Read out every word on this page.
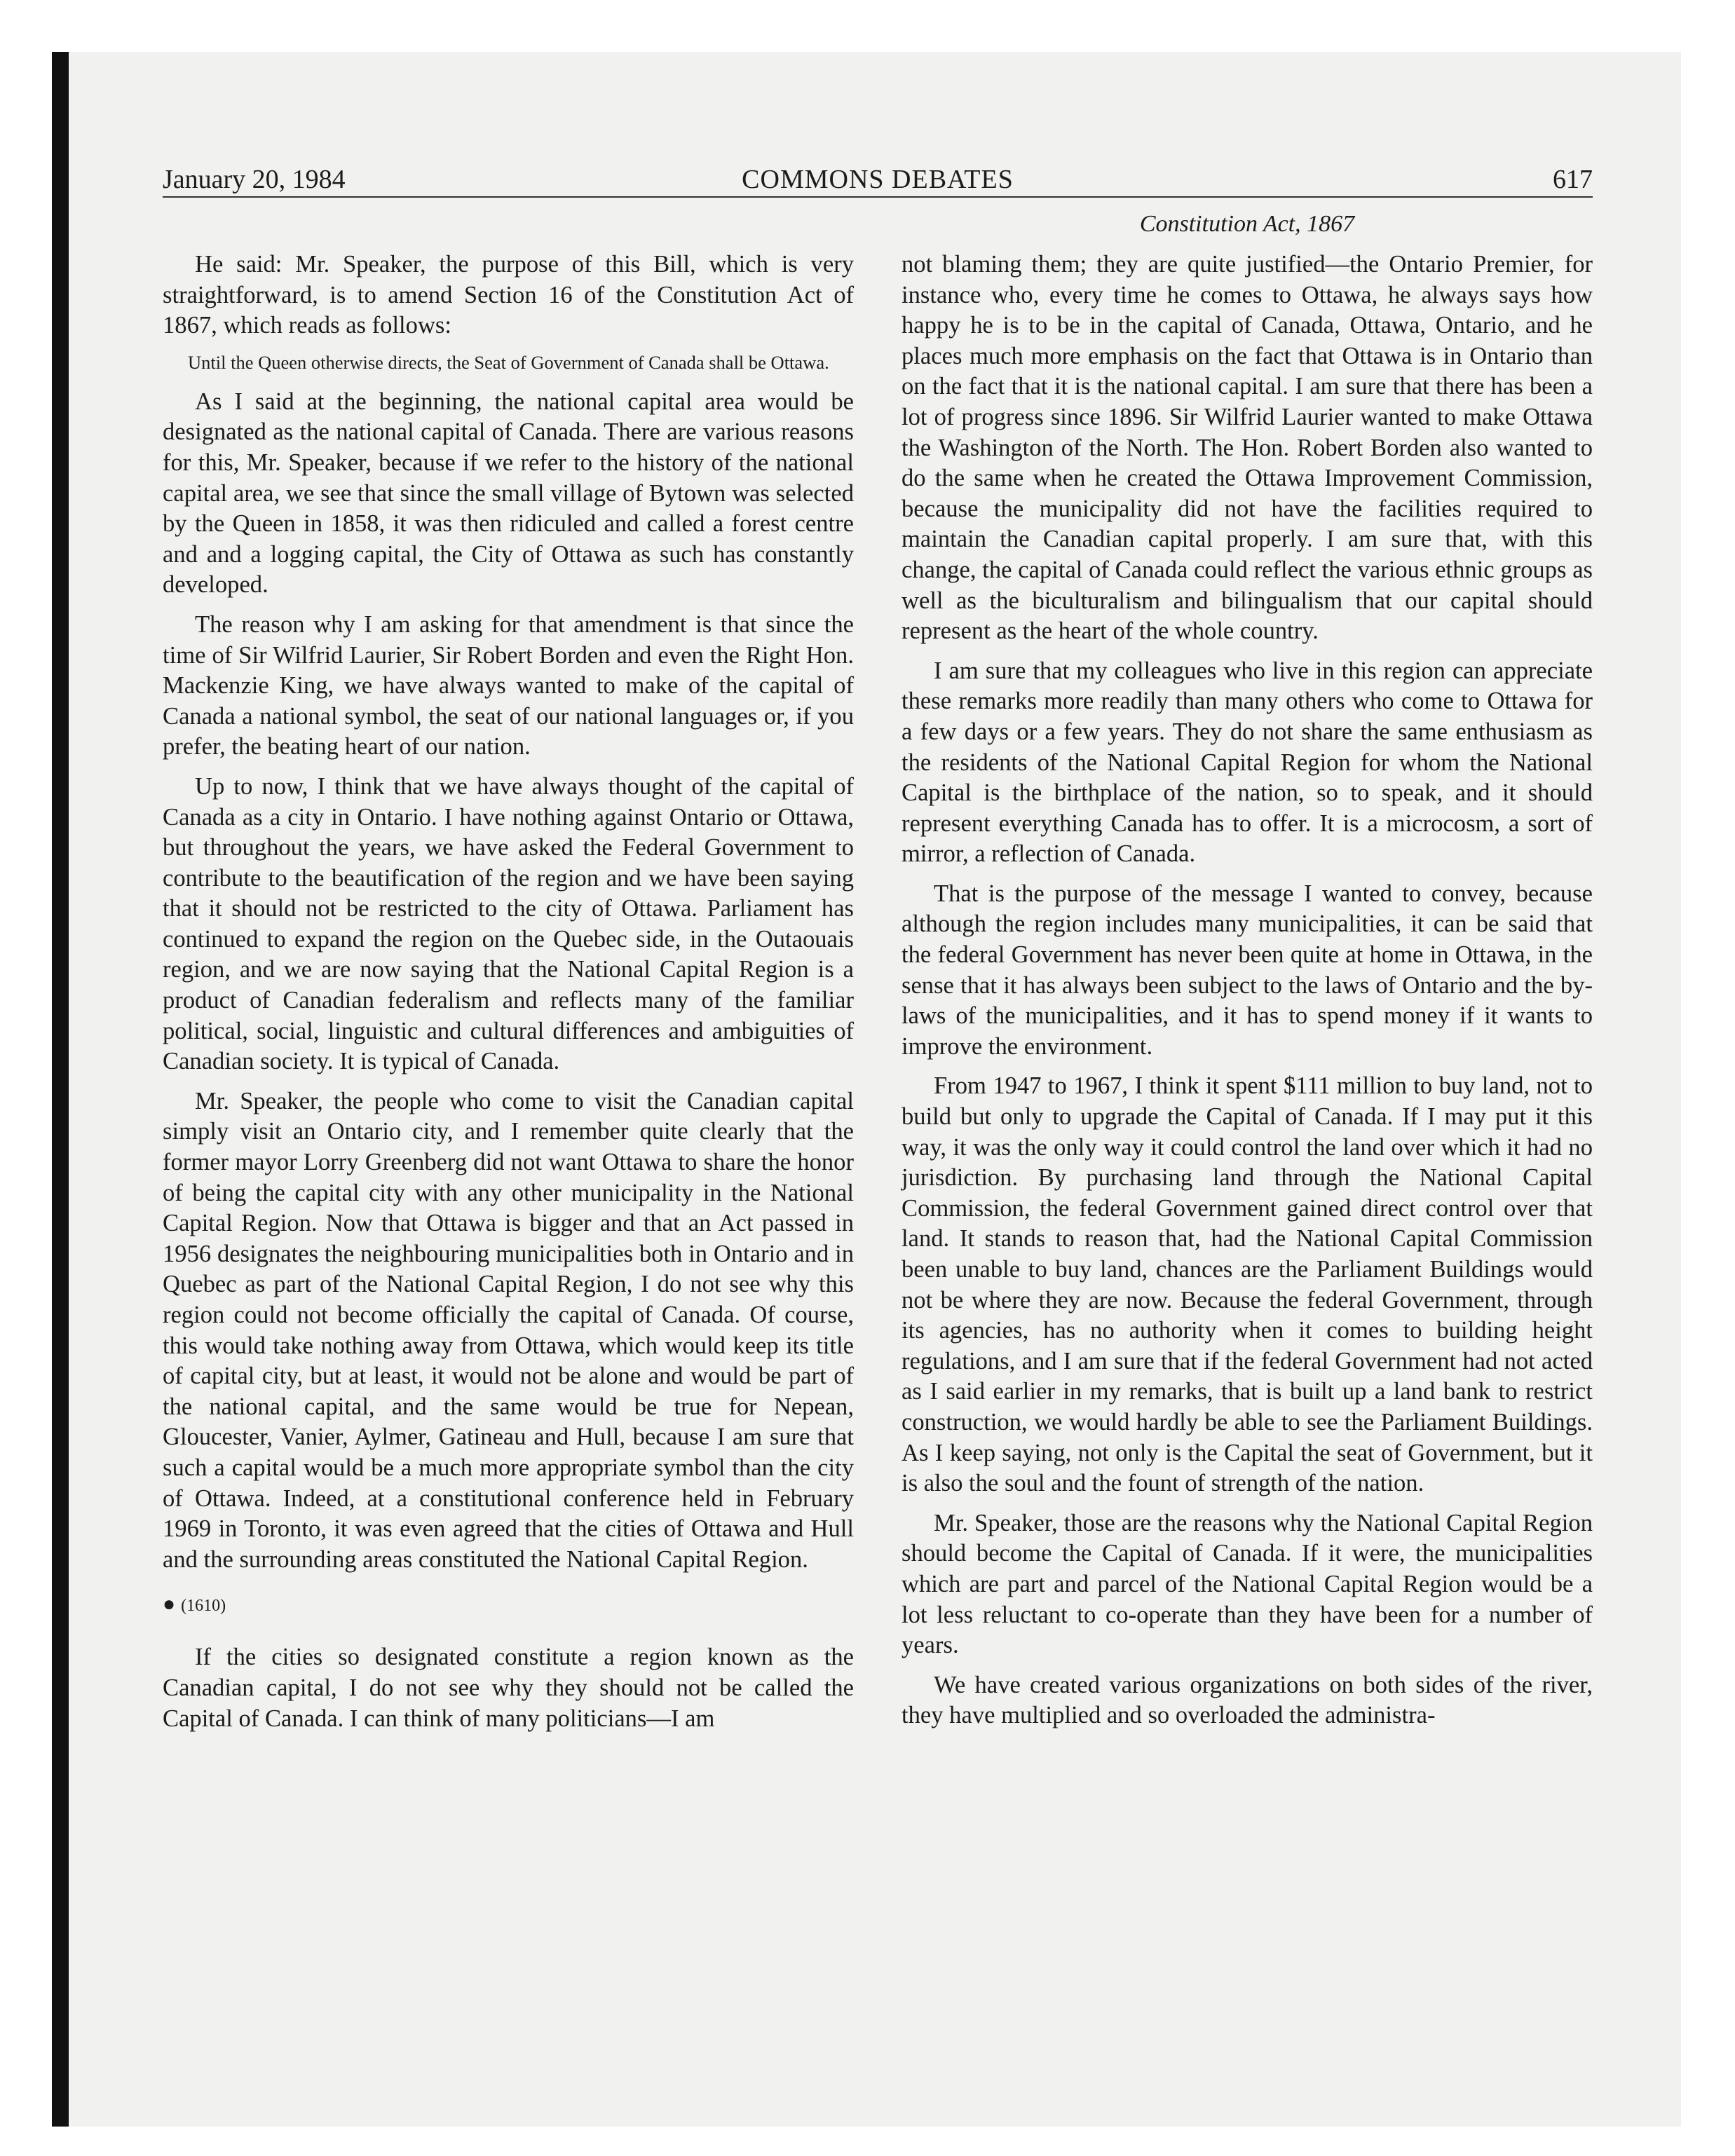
January 20, 1984	COMMONS DEBATES	617
Constitution Act, 1867

He said: Mr. Speaker, the purpose of this Bill, which is very straightforward, is to amend Section 16 of the Constitution Act of 1867, which reads as follows:

Until the Queen otherwise directs, the Seat of Government of Canada shall be Ottawa.

As I said at the beginning, the national capital area would be designated as the national capital of Canada. There are various reasons for this, Mr. Speaker, because if we refer to the history of the national capital area, we see that since the small village of Bytown was selected by the Queen in 1858, it was then ridiculed and called a forest centre and and a logging capital, the City of Ottawa as such has constantly developed.

The reason why I am asking for that amendment is that since the time of Sir Wilfrid Laurier, Sir Robert Borden and even the Right Hon. Mackenzie King, we have always wanted to make of the capital of Canada a national symbol, the seat of our national languages or, if you prefer, the beating heart of our nation.

Up to now, I think that we have always thought of the capital of Canada as a city in Ontario. I have nothing against Ontario or Ottawa, but throughout the years, we have asked the Federal Government to contribute to the beautification of the region and we have been saying that it should not be restricted to the city of Ottawa. Parliament has continued to expand the region on the Quebec side, in the Outaouais region, and we are now saying that the National Capital Region is a product of Canadian federalism and reflects many of the familiar political, social, linguistic and cultural differences and ambiguities of Canadian society. It is typical of Canada.

Mr. Speaker, the people who come to visit the Canadian capital simply visit an Ontario city, and I remember quite clearly that the former mayor Lorry Greenberg did not want Ottawa to share the honor of being the capital city with any other municipality in the National Capital Region. Now that Ottawa is bigger and that an Act passed in 1956 designates the neighbouring municipalities both in Ontario and in Quebec as part of the National Capital Region, I do not see why this region could not become officially the capital of Canada. Of course, this would take nothing away from Ottawa, which would keep its title of capital city, but at least, it would not be alone and would be part of the national capital, and the same would be true for Nepean, Gloucester, Vanier, Aylmer, Gatineau and Hull, because I am sure that such a capital would be a much more appropriate symbol than the city of Ottawa. Indeed, at a constitutional conference held in February 1969 in Toronto, it was even agreed that the cities of Ottawa and Hull and the surrounding areas constituted the National Capital Region.

● (1610)

If the cities so designated constitute a region known as the Canadian capital, I do not see why they should not be called the Capital of Canada. I can think of many politicians—I am

not blaming them; they are quite justified—the Ontario Premier, for instance who, every time he comes to Ottawa, he always says how happy he is to be in the capital of Canada, Ottawa, Ontario, and he places much more emphasis on the fact that Ottawa is in Ontario than on the fact that it is the national capital. I am sure that there has been a lot of progress since 1896. Sir Wilfrid Laurier wanted to make Ottawa the Washington of the North. The Hon. Robert Borden also wanted to do the same when he created the Ottawa Improvement Commission, because the municipality did not have the facilities required to maintain the Canadian capital properly. I am sure that, with this change, the capital of Canada could reflect the various ethnic groups as well as the biculturalism and bilingualism that our capital should represent as the heart of the whole country.

I am sure that my colleagues who live in this region can appreciate these remarks more readily than many others who come to Ottawa for a few days or a few years. They do not share the same enthusiasm as the residents of the National Capital Region for whom the National Capital is the birthplace of the nation, so to speak, and it should represent everything Canada has to offer. It is a microcosm, a sort of mirror, a reflection of Canada.

That is the purpose of the message I wanted to convey, because although the region includes many municipalities, it can be said that the federal Government has never been quite at home in Ottawa, in the sense that it has always been subject to the laws of Ontario and the by-laws of the municipalities, and it has to spend money if it wants to improve the environment.

From 1947 to 1967, I think it spent $111 million to buy land, not to build but only to upgrade the Capital of Canada. If I may put it this way, it was the only way it could control the land over which it had no jurisdiction. By purchasing land through the National Capital Commission, the federal Government gained direct control over that land. It stands to reason that, had the National Capital Commission been unable to buy land, chances are the Parliament Buildings would not be where they are now. Because the federal Government, through its agencies, has no authority when it comes to building height regulations, and I am sure that if the federal Government had not acted as I said earlier in my remarks, that is built up a land bank to restrict construction, we would hardly be able to see the Parliament Buildings. As I keep saying, not only is the Capital the seat of Government, but it is also the soul and the fount of strength of the nation.

Mr. Speaker, those are the reasons why the National Capital Region should become the Capital of Canada. If it were, the municipalities which are part and parcel of the National Capital Region would be a lot less reluctant to co-operate than they have been for a number of years.

We have created various organizations on both sides of the river, they have multiplied and so overloaded the administra-
